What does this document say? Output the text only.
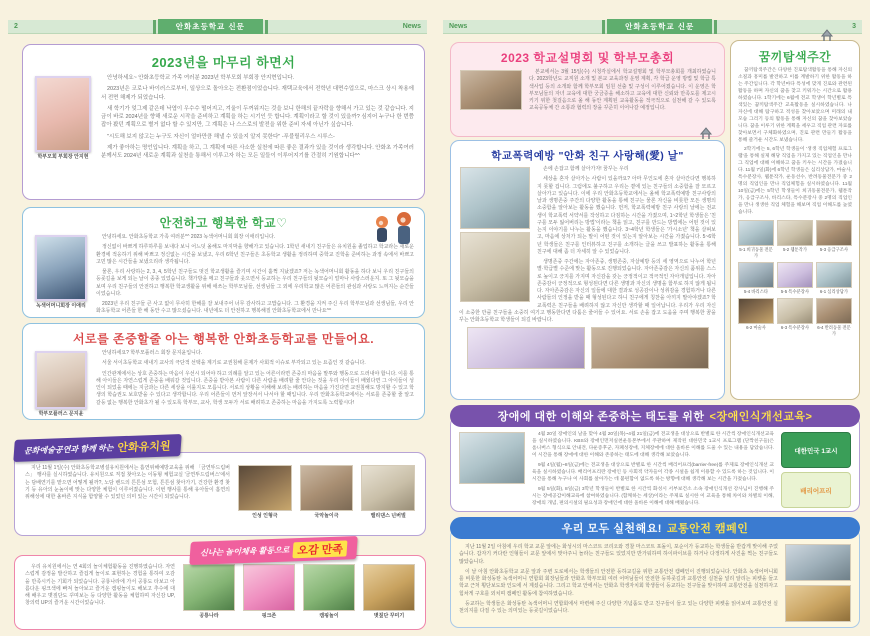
2	안화초등학교 신문	News
2023년을 마무리 하면서
학부모회 부회장 안지현

안녕하세요~ 안화초등학교 가족 여러분 2023년 학부모회 부회장 안지현입니다.

2023년은 코로나 바이러스로부터, 일상으로 돌아오는 전환점이었습니다. 재택교육에서 전학년 대면수업으로, 마스크 상시 착용에서 전면 해제가 되었습니다.

새 학기가 엊그제 같은데 낙엽이 우수수 떨어지고, 겨울이 두꺼워지는 것을 보니 한해의 끝자락을 향해서 가고 있는 것 같습니다. 지금이 바로 2024년을 향해 새로운 시작을 준비하고 계획을 하는 시기인 듯 합니다. 계획이라고 할 것이 있을까? 심지어 누구나 한 번쯤 잡아 봤던 계획으로 별거 없다 할 수 있지만, 그 계획은 나 스스로의 발전을 위한 준비 자세 아닌가 싶습니다.

"시도해 보지 않고는 누구도 자신이 얼마만큼 해낼 수 있을지 알지 못한다" -푸블릴리우스 시루스-

제가 좋아하는 명언입니다. 계획을 하고, 그 계획에 따른 사소한 실천에 따른 좋은 결과가 있을 것이라 생각합니다. 안화초 가족여러분께서도 2024년 새로운 계획과 실천을 통해서 이루고자 하는 모든 일들이 이루어지기를 간절히 기원합니다^^

안전하고 행복한 학교♡
녹색어머니회장 이애리

안녕하세요. 안화초등학교 가족 여러분^^ 2023 녹색어머니회 회장 이애리입니다.

정신없이 바쁘게 하루하루를 보내다 보니 어느덧 올해도 마지막을 향해가고 있습니다. 1학년 새내기 친구들은 유치원을 졸업하고 학교라는 새로운 환경에 적응하기 위해 바쁘고 정신없는 시간을 보냈고, 우리 6학년 친구들은 초등학교 생활을 정리하며 중학교 진학을 준비하는 과정 속에서 바쁘고 고민 많은 시간들을 보냈으리라 생각됩니다.

물론, 우리 사랑하는 2, 3, 4, 5학년 친구들도 멋진 학교생활을 즐기며 시간이 훌쩍 지났겠죠? 저는 녹색어머니회 활동을 하다 보니 우리 친구들의 등굣길을 보게 되는 날이 종종 있었습니다. 책가방을 메고 친구들과 웃으면서 등교하는 우리 친구들의 뒷모습이 얼마나 사랑스러운지. 또 그 뒷모습을 보며 우리 친구들의 안전하고 행복한 학교생활을 위해 애쓰는 학부모님들, 선생님들 그 외에 우리학교 많은 어른들의 관심과 사랑도 느껴지는 순간들이었습니다.

2023년 우리 친구들 큰 사고 없이 무사히 한해를 잘 보내주어 너무 감사하고 고맙습니다. 그 환경을 지켜 주신 우리 학부모님과 선생님들, 우리 안화초등학교 어른들 한 해 동안 수고 많으셨습니다. 내년에도 더 안전하고 행복해질 안화초등학교에서 만나요^^

서로를 존중할줄 아는 행복한 안화초등학교를 만들어요.
학부모플러스 문지윤

안녕하세요? 학부모플러스 회장 문지윤입니다.

서울 서이초등학교 새내기 교사의 극단적 선택을 계기로 교권침해 문제가 사회적 이슈로 부각되고 있는 요즘인 것 같습니다.

인간관계에서는 상호 존중하는 마음이 우선시 되어야 하고 의례를 알고 있는 어른이라면 존중의 마음을 말투와 행동으로 드러내야 합니다. 이를 통해 아이들은 자연스럽게 존중을 배워갈 것입니다. 존중을 받아본 사람이 다른 사람을 배려할 줄 안다는 것을 우리 아이들이 배웠다면 그 아이들이 성인이 되었을 때에는 지금과는 다른 세상을 이룰지도 모릅니다. 서로의 상황을 이해해 보려는 배려하는 마음을 가진다면 교권침해도 방지할 수 있고 학생의 학습권도 보호받을 수 있다고 생각합니다. 우리 어른들이 먼저 앞장서서 나서야 할 때입니다. 우리 안화초등학교에서는 서로를 존중할 줄 알고 갈등 없는 행복한 안화초가 될 수 있도록 학부모, 교사, 학생 모두가 서로 배려하고 존중하는 마음을 가지도록 노력합시다!

문화예술공연과 함께 하는 안화유치원

지난 11월 1일(수) 안화초등학교병설유치원에서는 흡연위해예방교육을 위해 「금연뚜드림버스」 행사를 실시하였습니다. 유치원으로 직접 찾아오는 이동형 체험교실 '금연뚜드림버스'에서는 담배연기를 맡으면 어떻게 될까?, 노담 밴드의 튼튼섬 모험, 튼튼섬 찾아가기, 건강한 환경 찾기 등 유아의 눈높이에 맞는 다양한 체험이 이루어졌습니다. 이번 행사를 통해 유아들이 흡연의 위해성에 대한 올바른 지식을 함양할 수 있었던 의미 있는 시간이 되었습니다.

인성 인형극	국악놀이극	밸리댄스 넌버벌
신나는 놀이체육 활동으로 오감 만족

우리 유치원에서는 연 4회의 놀이체험활동을 진행하였습니다. 자연스럽게 감정을 발산하고 즐겁게 놀이로 표현하는 경험을 통하여 오감을 만족시키는 기회가 되었습니다. 공룡나라에 가서 공룡도 타보고 아름다운 핑크색에 빠져 놀아보고 즐거운 캠핑놀이도 해보고 추수에 대해 배우고 볏짚단도 꾸며보는 등 다양한 활동을 체험하며 자신감 UP, 창의력 UP의 즐거운 시간이었습니다.

공룡나라	핑크존	캠핑놀이	볏짚단 꾸미기
News	안화초등학교 신문	3
2023 학교설명회 및 학부모총회

본교에서는 3월 15일(수) 시청각실에서 학교설명회 및 학부모총회를 개최하였습니다. 2023학년도 교직원 소개 및 본교 교육과정 운영 계획, 각 학급 운영 방법 및 학급 특색사업 등의 소개와 함께 학부모회 임원 선출 및 구성이 이루어졌습니다. 이 운영은 학부모님들의 자녀 교육에 대한 궁금증을 해소하고 교육에 대한 신뢰와 만족도를 제고시키기 위한 첫걸음으로 올 해 동안 계획된 교육활동을 적극적으로 실천해 갈 수 있도록 교육공동체 간 소통과 협력의 장을 꾸준히 이어나갈 예정입니다.

학교폭력예방 "안화 친구 사랑해(愛) 날"

손에 손잡고 함께 살아가자! 꿈꾸는 우리

세상을 혼자 살아가는 사람이 있을까요? 아마 무인도에 혼자 살아간다면 행복하지 못할 겁니다. 그럼에도 불구하고 우리는 곁에 있는 친구들의 소중함을 잘 모르고 살아가고 있습니다. 이에 우리 안화초등학교에서는 올해 학교폭력예방 친구사랑의 날과 생명존중 주간의 다양한 활동을 통해 친구는 물론 자신을 비롯한 모든 생명의 소중함을 알아보는 활동을 했습니다. 먼저, 학교폭력예방 친구 사랑의 날에는 전교생이 학교폭력 서약서를 작성하고 다짐하는 시간을 가졌으며, 1~2학년 학생들은 '친구를 모두 잃어버리는 방법'이라는 책을 읽고, 친구를 만드는 방법에는 어떤 것이 있는지 이야기를 나누는 활동을 했습니다. 3~4학년 학생들은 '가시소년' 책을 살펴보고, 마음에 상처가 되는 말이 어떤 것이 있는지 알아보는 시간을 가졌습니다. 5~6학년 학생들은 친구를 인터뷰하고 친구를 소개하는 글을 쓰고 발표하는 활동을 통해 친구에 대해 좀 더 자세히 알 수 있었습니다.

생명존중 주간에는 자아존중, 생명존중, 자살예방 등의 세 영역으로 나누어 학년별·학급별 수준에 맞는 활동으로 진행되었습니다. 자아존중감은 자신의 품위를 스스로 높이고 긍지를 가지며 자신감을 갖는 긍정적이고 적극적인 자아개념입니다. 자아존중감이 긍정적으로 형성된다면 다른 생명과 자신의 생명을 함부로 하지 않게 됩니다. 자아존중감은 자신의 일들에 대한 결과로 성공감이나 성취감을 경험하거나 다른 사람들의 인정을 받을 때 형성된다고 하니 친구에게 칭찬을 아끼지 말아야겠죠? 학교폭력은 친구들을 배려하지 않고 자신만 생각할 때 일어납니다. 우리가 우리 자신이 소중한 만큼 친구들을 소중히 여기고 행동한다면 다툼은 줄어들 수 있어요. 서로 손을 잡고 도움을 주며 행복한 꿈을 꾸는 안화초등학교 학생들이 되길 바랍니다.

꿈끼탐색주간

꿈끼탐색주간은 다양한 진로탐색활동을 통해 자신의 소질과 흥미를 발견하고 이를 계발하기 위한 활동을 하는 주간입니다. 각 학년마다 특성에 맞게 진로와 관련된 활동을 하며 자신의 꿈을 찾고 키워가는 시간으로 활용하였습니다. 1학기에는 6월에 전교 학생이 학년별로 특색있는 꿈끼탐색주간 교육활동을 실시하였습니다. 나 자신에 대해 탐구하고 적성을 찾아보았으며 미래의 내 모습 그리기 등의 활동을 통해 자신의 꿈을 찾아보았습니다. 꿈을 이루기 위한 계획을 세우고 직업 관련 자료를 찾아보면서 구체화하였으며, 진로 관련 만들기 활동을 통해 즐거운 시간도 보냈습니다.

2학기에는 5, 6학년 학생들이 '생생 직업체험 프로그램'을 통해 실제 해당 직업을 가지고 있는 직업인을 만나 그 직업에 대해 이해하고 꿈을 키우는 시간을 가졌습니다. 11월 7일(화)에 6학년 학생들은 심리상담가, 마술사, 특수분장사, 웹툰작가, 운동선수, 반려동물전문가 중 2명의 직업인을 만나 직업체험을 실시하였습니다. 11월 10일(금)에는 5학년 학생들이 희귀동물전문가, 웹툰작가, 응급구조사, 바리스타, 특수분장사 중 2명의 직업인을 만나 생생한 직업 체험을 해보며 직업 이해도를 높였습니다.

5-1 희귀동물 전문가
5-2 웹툰작가	5-3 응급구조사
5-4 바리스타	5-5 특수분장사	6-1 심리상담가
6-2 마술사	6-3 특수분장사	6-4 반려동물 전문가
장애에 대한 이해와 존중하는 태도를 위한 <장애인식개선교육>

4월 20일 장애인의 날을 맞아 4월 20일(목)~4월 21일(금)에 전교생을 대상으로 반별로 한 시간씩 장애인식개선교육을 실시하였습니다. KBS와 장애인먼저실천운동본부에서 주관하여 제작된 대한민국 1교시 프로그램 (단짝친구들)은 옴니버스 형식으로 안내견, 다운증후군, 자폐성장애, 지체장애에 대한 올바른 이해를 도울 수 있는 내용을 담았습니다. 이 시간을 통해 장애에 대한 이해와 존중하는 태도에 대해 생각해 보았습니다.

9월 4일(월)~8일(금)에는 전교생을 대상으로 반별로 한 시간씩 배리어프리(barrier-free)를 주제로 장애인식개선 교육을 실시하였습니다. 배리어프리란 장애인 등 사회적 약자들이 각종 시설을 쉽게 이용할 수 있도록 하는 것입니다. 이 시간을 통해 누구나 이 사회를 살아가는 데 불편함이 없도록 하는 방향에 대해 생각해 보는 시간을 가졌습니다.

9월 5일(화), 8일(금) 3학년 학생들이 반별로 한 시간씩 화성시 서부보건소 소속 장애인식개선 강사님이 진행해 주시는 장애공감이해교육에 참여하였습니다. (함께하는 세상)이라는 주제로 실시한 이 교육을 통해 차이와 차별의 이해, 장애의 개념, 편의시설의 필요성과 장애인에 대한 올바른 이해에 대해 배웠습니다.

대한민국 1교시
배리어프리
우리 모두 실천해요! 교통안전 캠페인

지난 11월 2일 아침에 우리 학교 교문 앞에는 화성시의 마스코트 코리오와 경찰 마스코트 포돌이, 포순이가 등교하는 학생들을 반갑게 맞이해 주었습니다. 갑자기 커다란 인형들이 교문 앞에서 맞아주니 놀라는 친구들도 있었지만 반가워하며 하이파이브를 하거나 다정하게 사진을 찍는 친구들도 많았습니다.

이 날 아침 안화초등학교 교문 앞과 주변 도로에서는 학생들의 안전한 등하교길을 위한 교통안전 캠페인이 진행되었습니다. 안화초 녹색어머니회를 비롯한 화성동탄 녹색어머니 연합회 회장님들과 안화초 학부모회 여러 어머님들이 안전한 등하굣길과 교통안전 실천을 널리 알리는 피켓을 들고 학교 근처 횡단보도와 인도에 서 계셨습니다. 그리고 학교 안에서는 안화초 학생자치회 학생들이 등교하는 친구들을 맞이하며 교통안전을 실천하자고 힘차게 구호를 외치며 캠페인 활동에 참여하였습니다.

등교하는 학생들은 화성동탄 녹색어머니 연합회에서 마련해 주신 다양한 기념품도 받고 친구들이 들고 있는 다양한 피켓을 읽어보며 교통안전 실천의지를 다질 수 있는 의미있는 등굣길이었습니다.
